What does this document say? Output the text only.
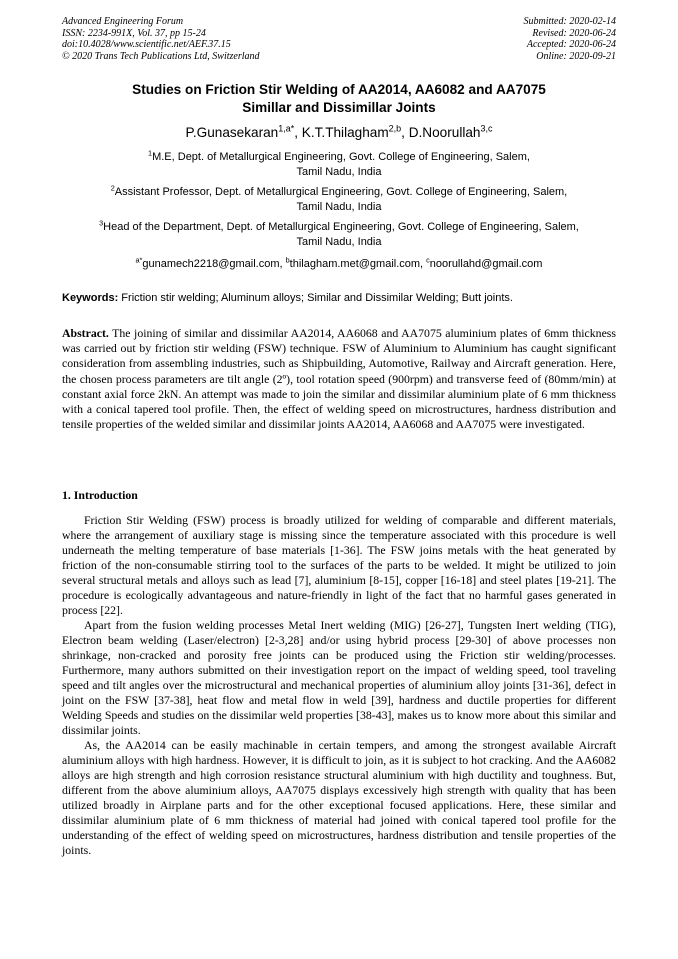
Advanced Engineering Forum
ISSN: 2234-991X, Vol. 37, pp 15-24
doi:10.4028/www.scientific.net/AEF.37.15
© 2020 Trans Tech Publications Ltd, Switzerland
Submitted: 2020-02-14
Revised: 2020-06-24
Accepted: 2020-06-24
Online: 2020-09-21
Studies on Friction Stir Welding of AA2014, AA6082 and AA7075
Simillar and Dissimillar Joints
P.Gunasekaran$^{1,a*}$, K.T.Thilagham$^{2,b}$, D.Noorullah$^{3,c}$
$^1$M.E, Dept. of Metallurgical Engineering, Govt. College of Engineering, Salem,
Tamil Nadu, India
$^2$Assistant Professor, Dept. of Metallurgical Engineering, Govt. College of Engineering, Salem,
Tamil Nadu, India
$^3$Head of the Department, Dept. of Metallurgical Engineering, Govt. College of Engineering, Salem,
Tamil Nadu, India
$^{a*}$gunamech2218@gmail.com, $^b$thilagham.met@gmail.com, $^c$noorullahd@gmail.com
Keywords: Friction stir welding; Aluminum alloys; Similar and Dissimilar Welding; Butt joints.
Abstract. The joining of similar and dissimilar AA2014, AA6068 and AA7075 aluminium plates of 6mm thickness was carried out by friction stir welding (FSW) technique. FSW of Aluminium to Aluminium has caught significant consideration from assembling industries, such as Shipbuilding, Automotive, Railway and Aircraft generation. Here, the chosen process parameters are tilt angle (2º), tool rotation speed (900rpm) and transverse feed of (80mm/min) at constant axial force 2kN. An attempt was made to join the similar and dissimilar aluminium plate of 6 mm thickness with a conical tapered tool profile. Then, the effect of welding speed on microstructures, hardness distribution and tensile properties of the welded similar and dissimilar joints AA2014, AA6068 and AA7075 were investigated.
1. Introduction

Friction Stir Welding (FSW) process is broadly utilized for welding of comparable and different materials, where the arrangement of auxiliary stage is missing since the temperature associated with this procedure is well underneath the melting temperature of base materials [1-36]. The FSW joins metals with the heat generated by friction of the non-consumable stirring tool to the surfaces of the parts to be welded. It might be utilized to join several structural metals and alloys such as lead [7], aluminium [8-15], copper [16-18] and steel plates [19-21]. The procedure is ecologically advantageous and nature-friendly in light of the fact that no harmful gases generated in process [22].

Apart from the fusion welding processes Metal Inert welding (MIG) [26-27], Tungsten Inert welding (TIG), Electron beam welding (Laser/electron) [2-3,28] and/or using hybrid process [29-30] of above processes non shrinkage, non-cracked and porosity free joints can be produced using the Friction stir welding/processes. Furthermore, many authors submitted on their investigation report on the impact of welding speed, tool traveling speed and tilt angles over the microstructural and mechanical properties of aluminium alloy joints [31-36], defect in joint on the FSW [37-38], heat flow and metal flow in weld [39], hardness and ductile properties for different Welding Speeds and studies on the dissimilar weld properties [38-43], makes us to know more about this similar and dissimilar joints.

As, the AA2014 can be easily machinable in certain tempers, and among the strongest available Aircraft aluminium alloys with high hardness. However, it is difficult to join, as it is subject to hot cracking. And the AA6082 alloys are high strength and high corrosion resistance structural aluminium with high ductility and toughness. But, different from the above aluminium alloys, AA7075 displays excessively high strength with quality that has been utilized broadly in Airplane parts and for the other exceptional focused applications. Here, these similar and dissimilar aluminium plate of 6 mm thickness of material had joined with conical tapered tool profile for the understanding of the effect of welding speed on microstructures, hardness distribution and tensile properties of the joints.
